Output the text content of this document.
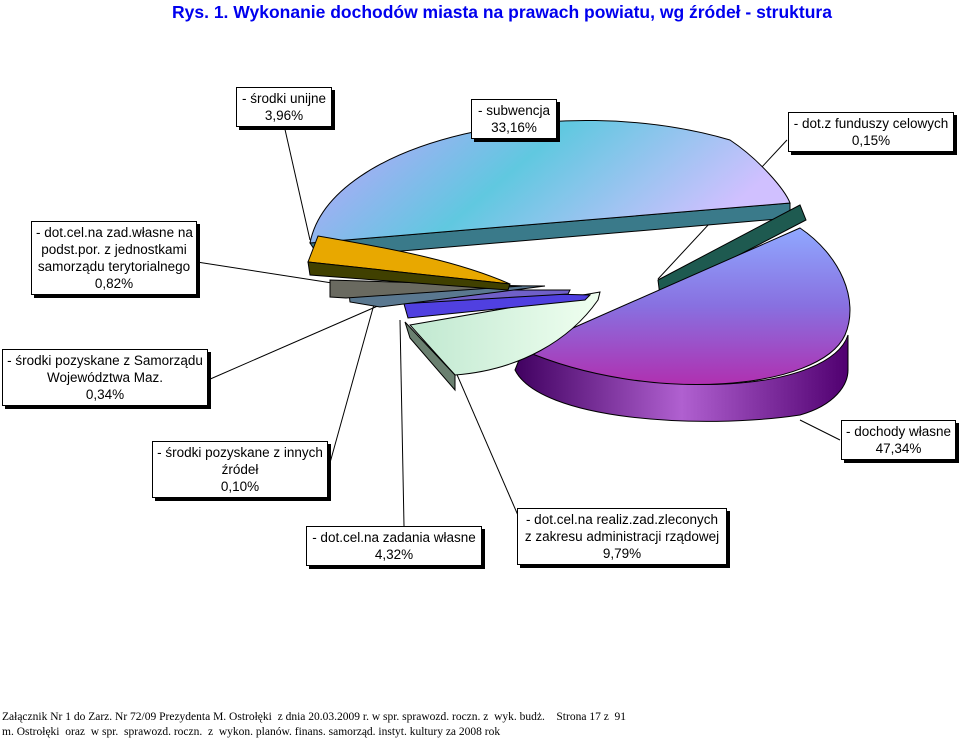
Rys. 1. Wykonanie dochodów miasta na prawach powiatu, wg źródeł - struktura
- środki unijne
3,96%	- subwencja
33,16%	- dot.z funduszy celowych
0,15%
- dot.cel.na zad.własne na
podst.por. z jednostkami
samorządu terytorialnego
0,82%
- środki pozyskane z Samorządu
Województwa Maz.
0,34%
- środki pozyskane z innych
źródeł
0,10%
- dochody własne
47,34%
- dot.cel.na zadania własne
4,32%
- dot.cel.na realiz.zad.zleconych
z zakresu administracji rządowej
9,79%
Załącznik Nr 1 do Zarz. Nr 72/09 Prezydenta M. Ostrołęki  z dnia 20.03.2009 r. w spr. sprawozd. roczn. z  wyk. budż.    Strona 17 z  91
m. Ostrołęki  oraz  w spr.  sprawozd. roczn.  z  wykon. planów. finans. samorząd. instyt. kultury za 2008 rok
